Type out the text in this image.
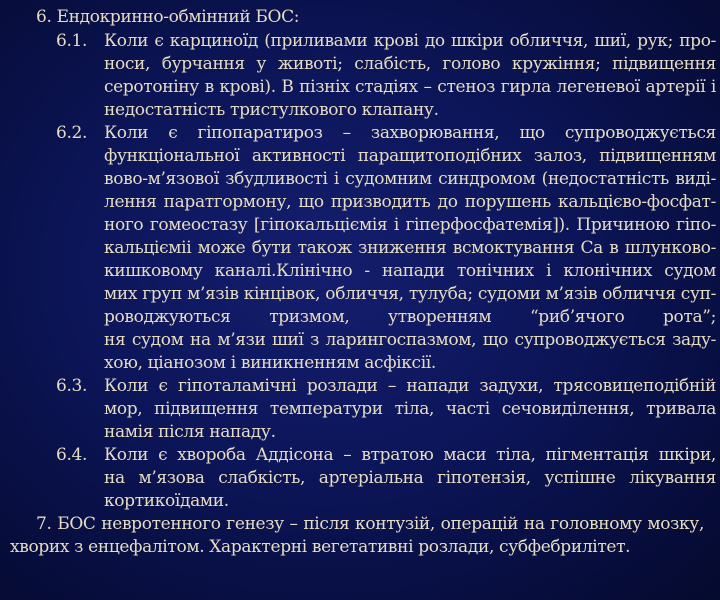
6. Ендокринно-обмінний БОС:
6.1. Коли є карциноїд (приливами крові до шкіри обличчя, шиї, рук; про-
носи, бурчання у животі; слабість, голово кружіння; підвищення
серотоніну в крові). В пізніх стадіях – стеноз гирла легеневої артерії і
недостатність тристулкового клапану.
6.2. Коли є гіпопаратироз – захворювання, що супроводжується
функціональної активності паращитоподібних залоз, підвищенням
вово-м’язової збудливості і судомним синдромом (недостатність виді-
лення паратгормону, що призводить до порушень кальцієво-фосфат-
ного гомеостазу [гіпокальціємія і гіперфосфатемія]). Причиною гіпо-
кальцієміі може бути також зниження всмоктування Са в шлунково-
кишковому каналі.Клінічно - напади тонічних і клонічних судом
мих груп м’язів кінцівок, обличчя, тулуба; судоми м’язів обличчя суп-
роводжуються тризмом, утворенням “риб’ячого рота”;
ня судом на м’язи шиї з ларингоспазмом, що супроводжується заду-
хою, ціанозом і виникненням асфіксії.
6.3. Коли є гіпоталамічні розлади – напади задухи, трясовицеподібній
мор, підвищення температури тіла, часті сечовиділення, тривала
намія після нападу.
6.4. Коли є хвороба Аддісона – втратою маси тіла, пігментація шкіри,
на м’язова слабкість, артеріальна гіпотензія, успішне лікування
кортикоїдами.
7. БОС невротенного генезу – після контузій, операцій на головному мозку,
хворих з енцефалітом. Характерні вегетативні розлади, субфебрилітет.
